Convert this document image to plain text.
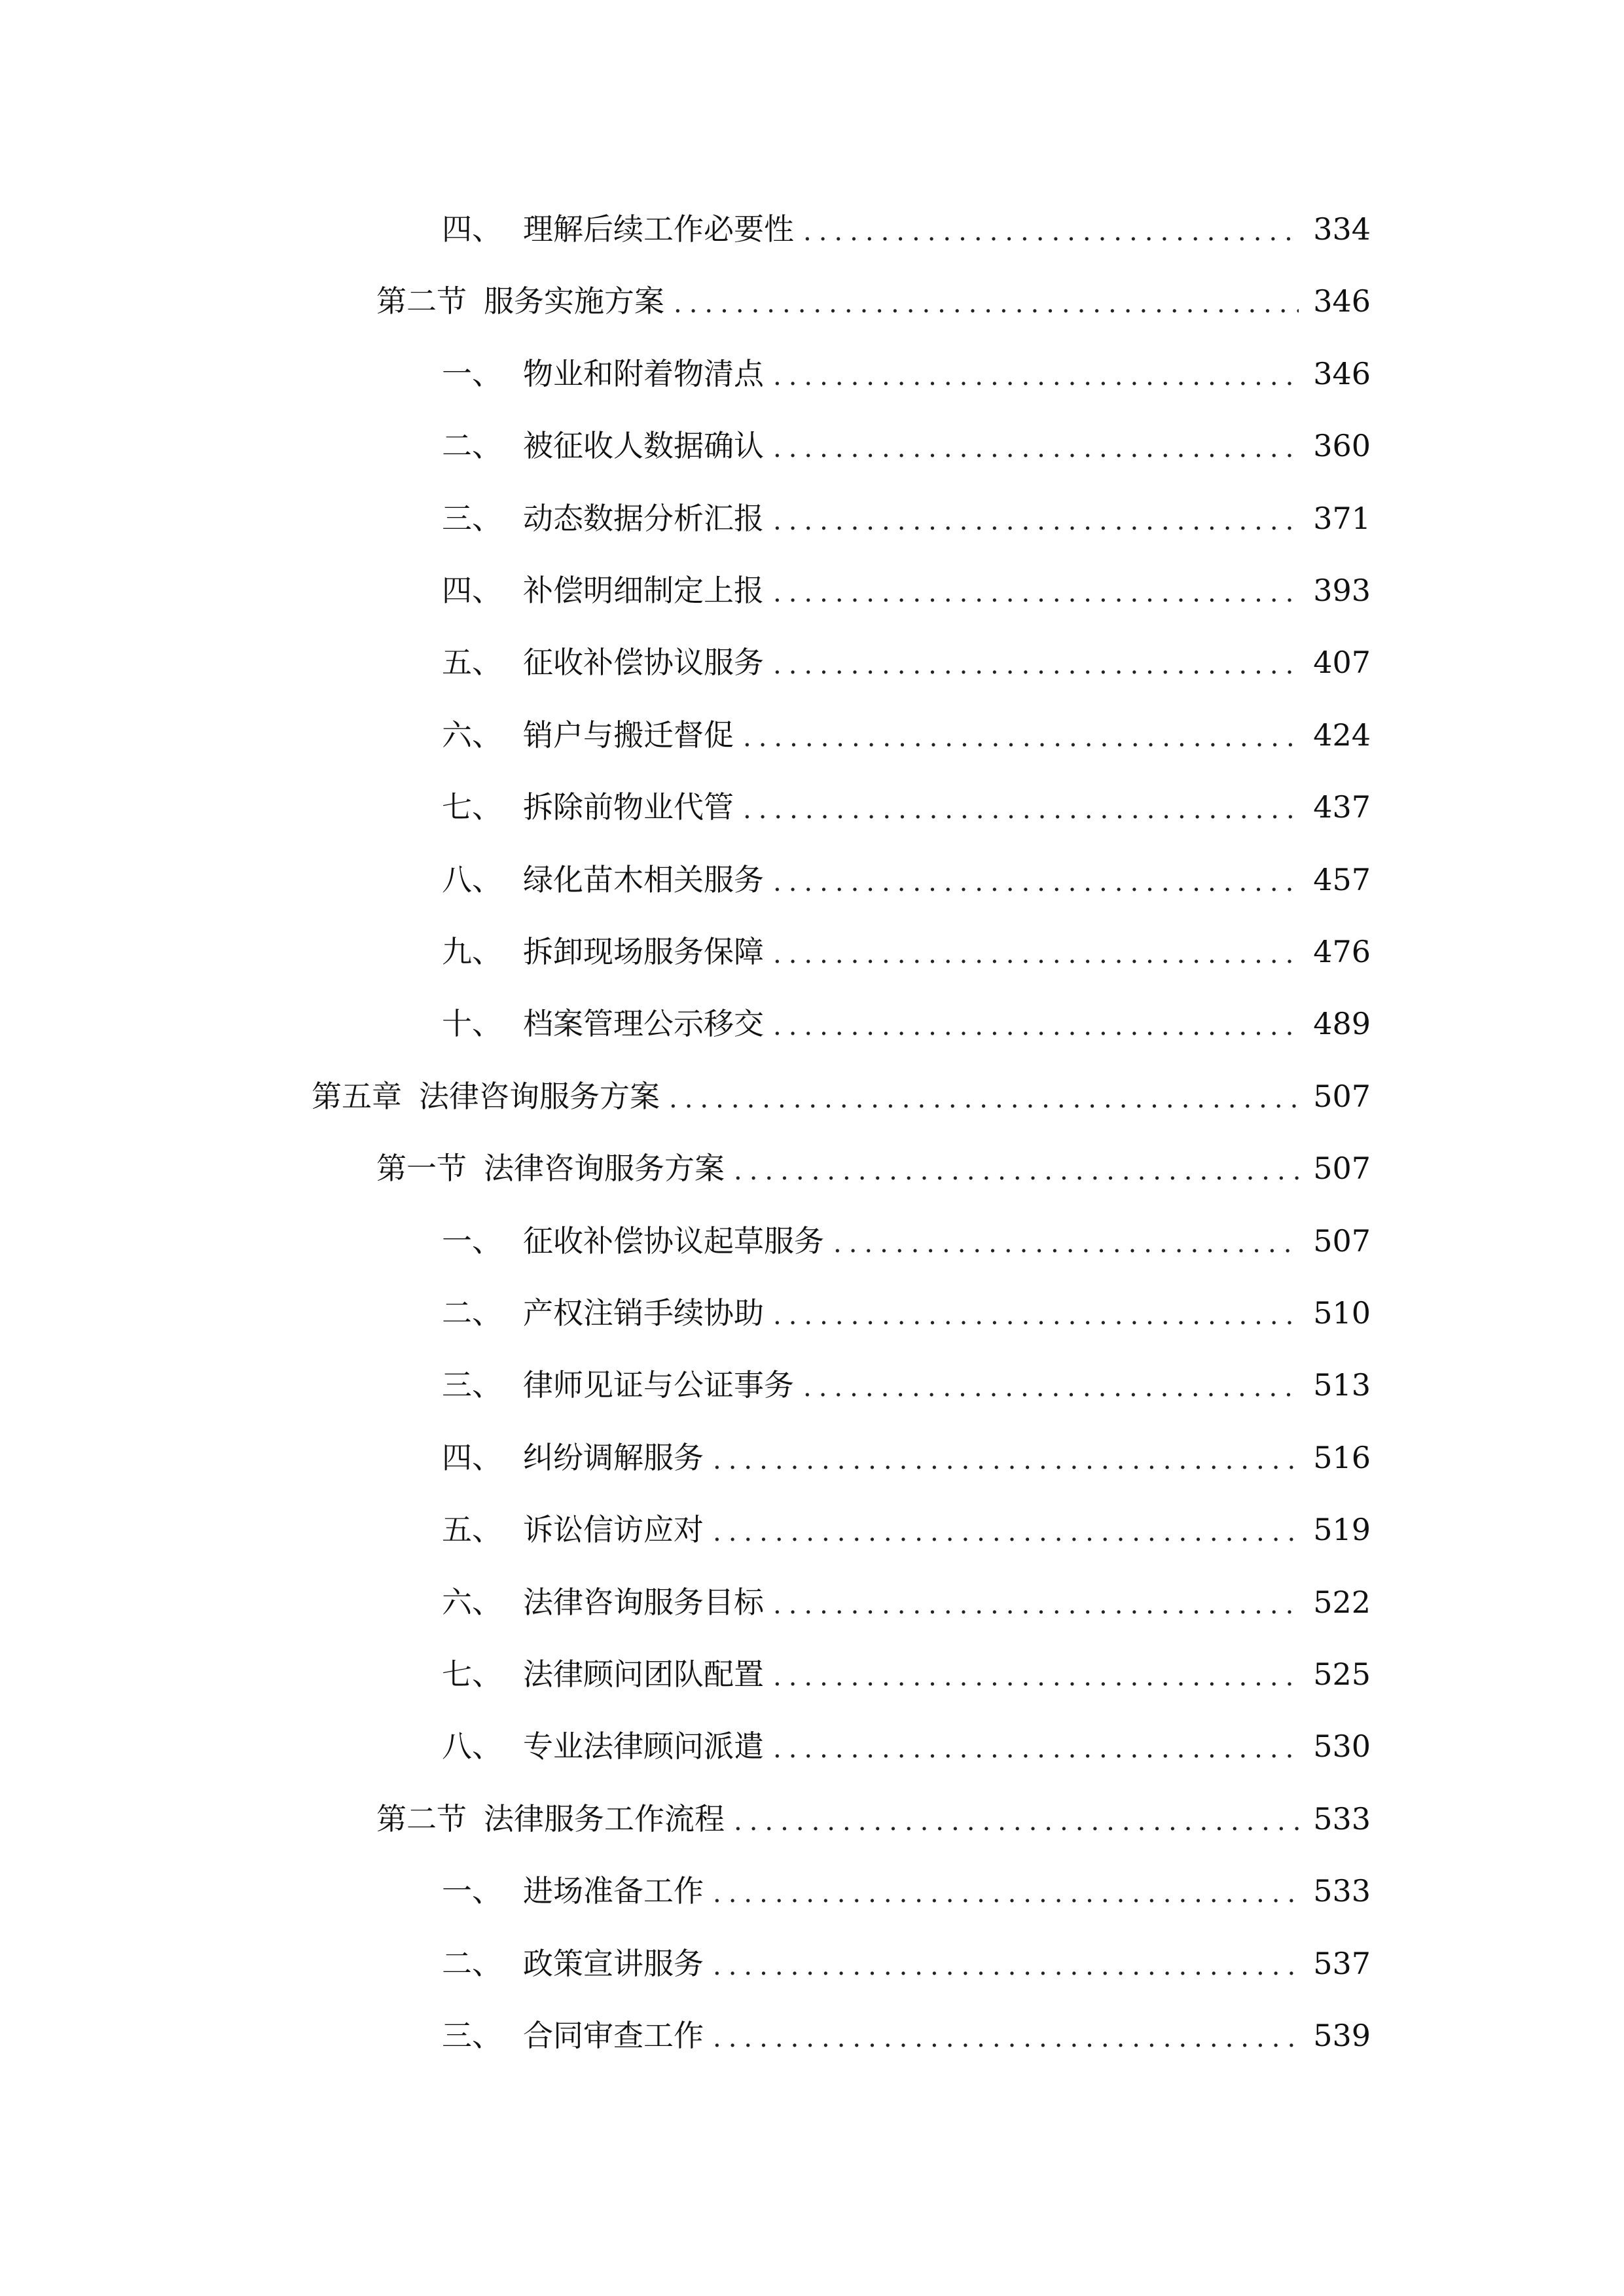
四、 理解后续工作必要性 .....	334
第二节 服务实施方案 .....	346
一、 物业和附着物清点 .....	346
二、 被征收人数据确认 .....	360
三、 动态数据分析汇报 .....	371
四、 补偿明细制定上报 .....	393
五、 征收补偿协议服务 .....	407
六、 销户与搬迁督促 .....	424
七、 拆除前物业代管 .....	437
八、 绿化苗木相关服务 .....	457
九、 拆卸现场服务保障 .....	476
十、 档案管理公示移交 .....	489
第五章 法律咨询服务方案 .....	507
第一节 法律咨询服务方案 .....	507
一、 征收补偿协议起草服务 .....	507
二、 产权注销手续协助 .....	510
三、 律师见证与公证事务 .....	513
四、 纠纷调解服务 .....	516
五、 诉讼信访应对 .....	519
六、 法律咨询服务目标 .....	522
七、 法律顾问团队配置 .....	525
八、 专业法律顾问派遣 .....	530
第二节 法律服务工作流程 .....	533
一、 进场准备工作 .....	533
二、 政策宣讲服务 .....	537
三、 合同审查工作 .....	539
